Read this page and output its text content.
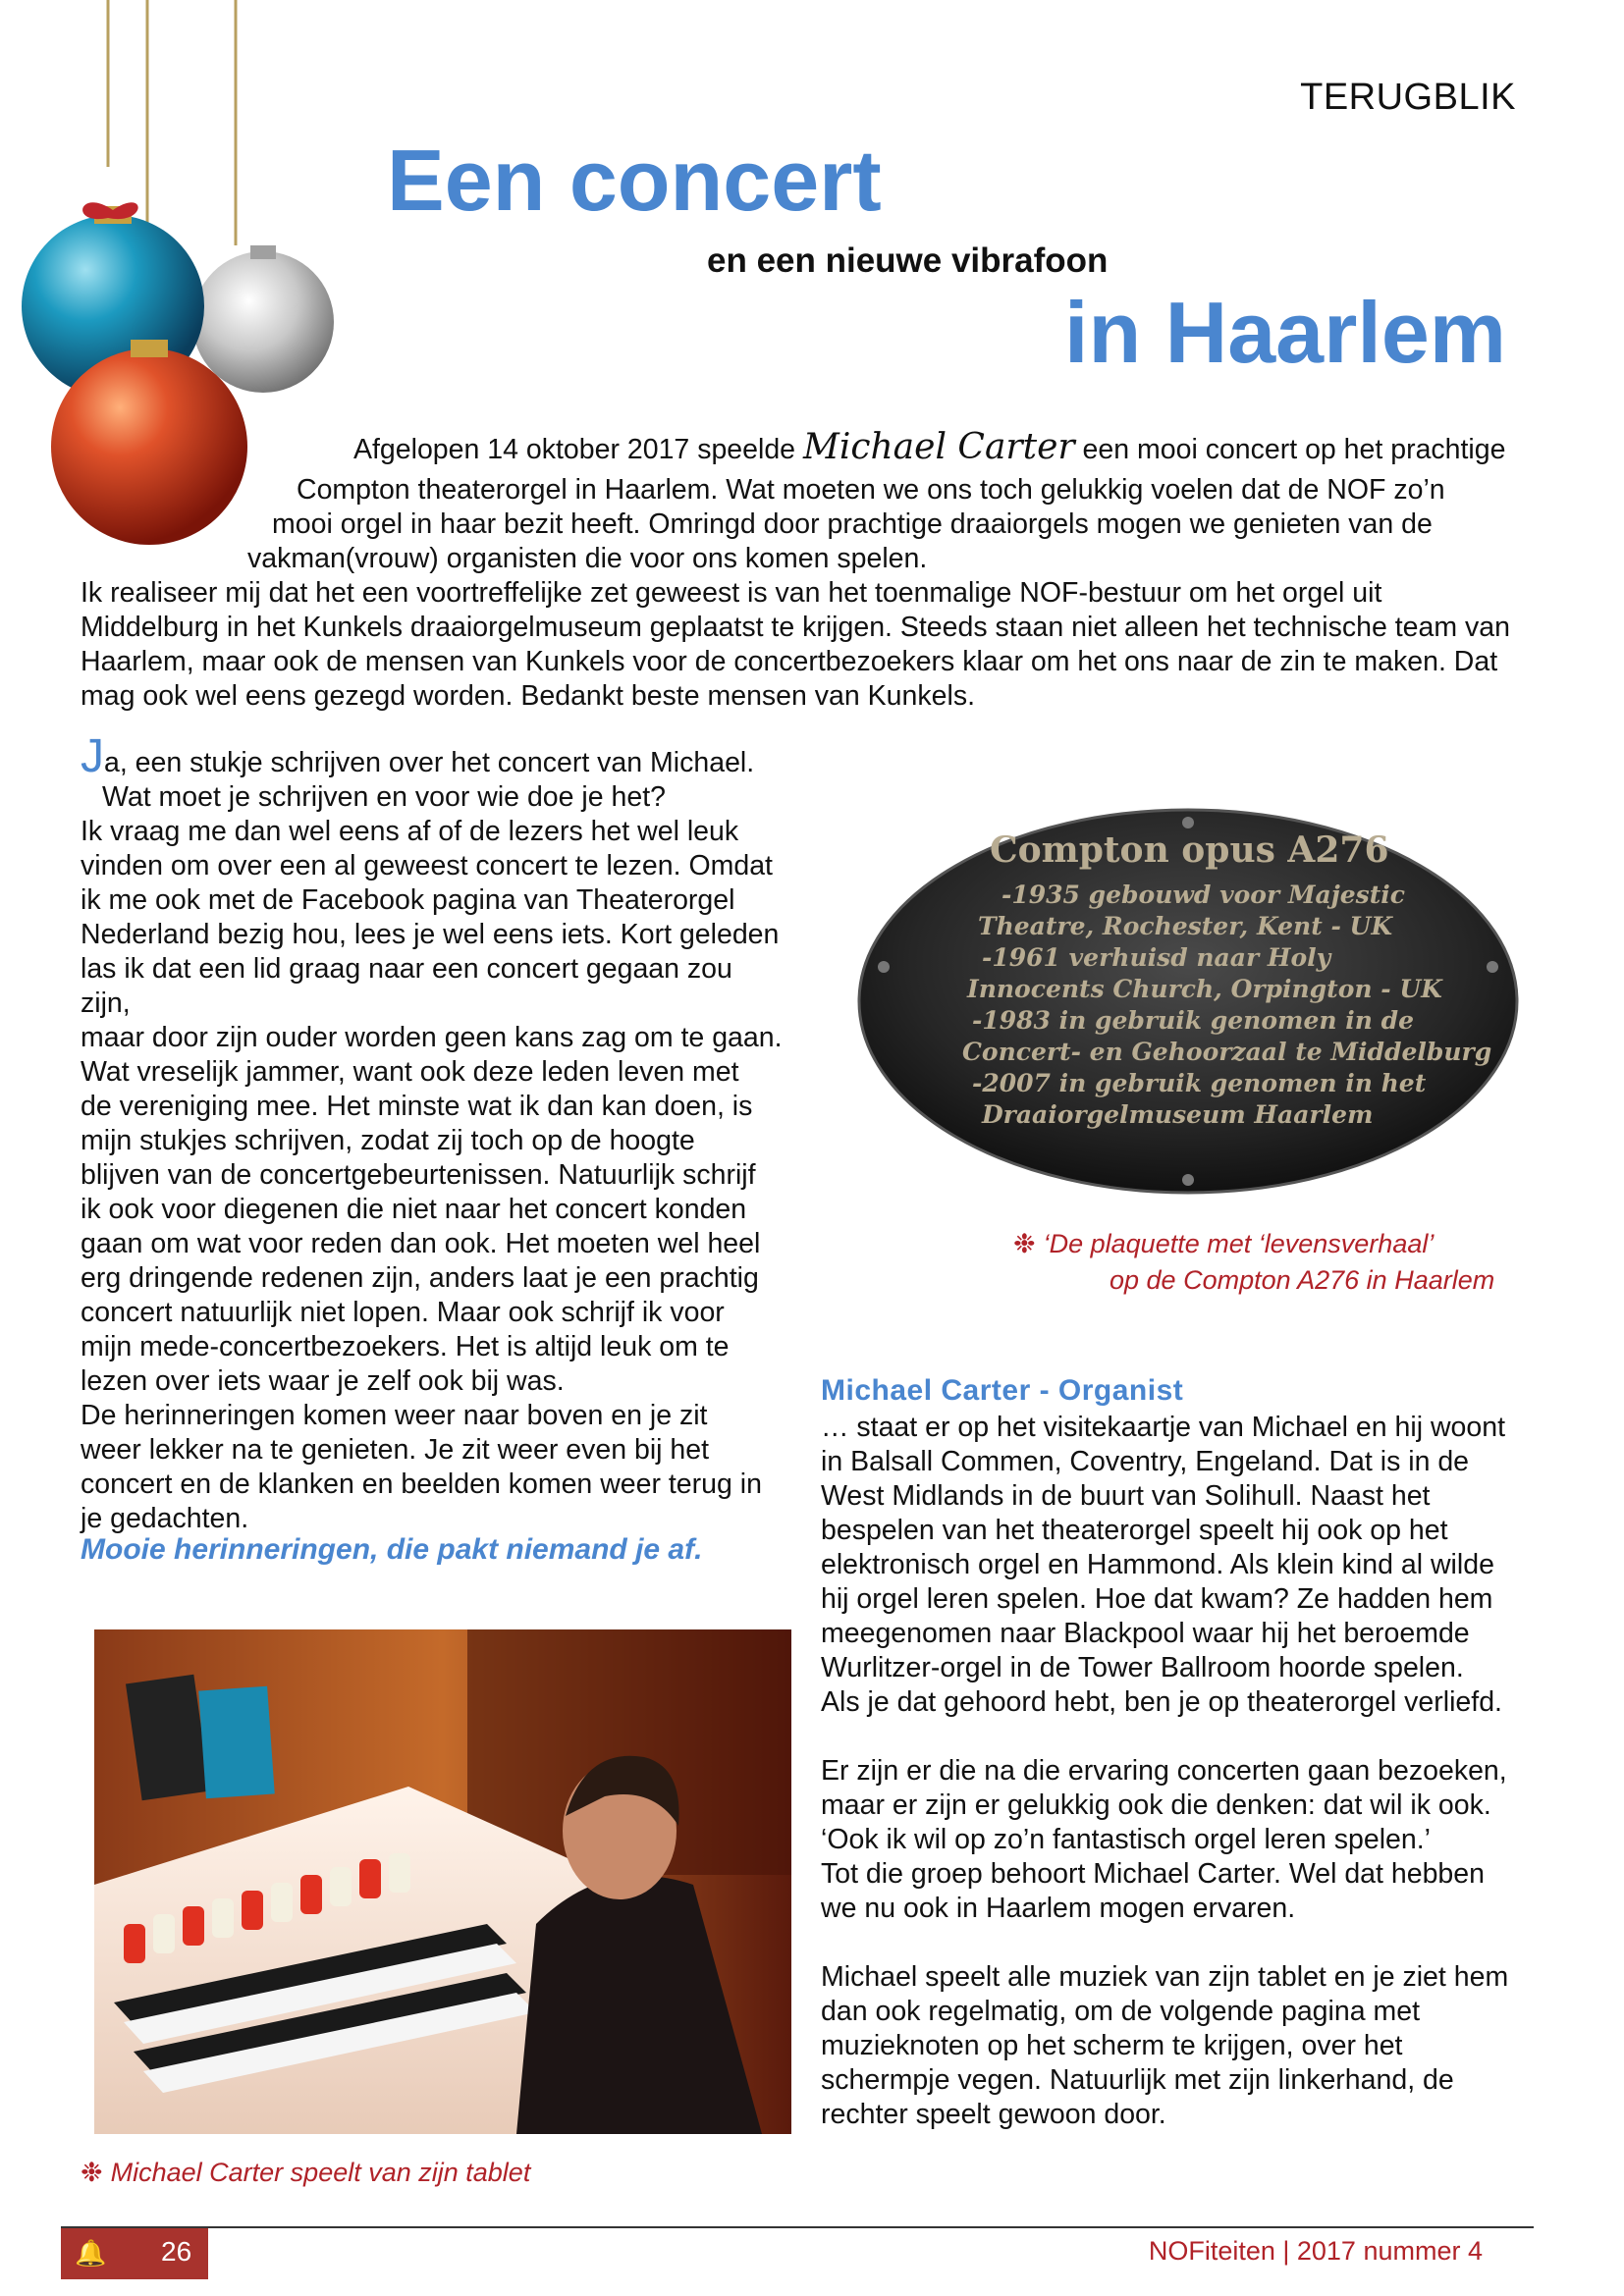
TERUGBLIK
Een concert
en een nieuwe vibrafoon
in Haarlem
Afgelopen 14 oktober 2017 speelde Michael Carter een mooi concert op het prachtige
Compton theaterorgel in Haarlem. Wat moeten we ons toch gelukkig voelen dat de NOF zo’n
mooi orgel in haar bezit heeft. Omringd door prachtige draaiorgels mogen we genieten van de
vakman(vrouw) organisten die voor ons komen spelen.
Ik realiseer mij dat het een voortreffelijke zet geweest is van het toenmalige NOF-bestuur om het orgel uit
Middelburg in het Kunkels draaiorgelmuseum geplaatst te krijgen. Steeds staan niet alleen het technische team van
Haarlem, maar ook de mensen van Kunkels voor de concertbezoekers klaar om het ons naar de zin te maken. Dat
mag ook wel eens gezegd worden. Bedankt beste mensen van Kunkels.

Ja, een stukje schrijven over het concert van Michael.

Wat moet je schrijven en voor wie doe je het?

Ik vraag me dan wel eens af of de lezers het wel leuk

vinden om over een al geweest concert te lezen. Omdat

ik me ook met de Facebook pagina van Theaterorgel

Nederland bezig hou, lees je wel eens iets. Kort geleden

las ik dat een lid graag naar een concert gegaan zou zijn,

maar door zijn ouder worden geen kans zag om te gaan.

Wat vreselijk jammer, want ook deze leden leven met

de vereniging mee. Het minste wat ik dan kan doen, is

mijn stukjes schrijven, zodat zij toch op de hoogte

blijven van de concertgebeurtenissen. Natuurlijk schrijf

ik ook voor diegenen die niet naar het concert konden

gaan om wat voor reden dan ook. Het moeten wel heel

erg dringende redenen zijn, anders laat je een prachtig

concert natuurlijk niet lopen. Maar ook schrijf ik voor

mijn mede-concertbezoekers. Het is altijd leuk om te

lezen over iets waar je zelf ook bij was.

De herinneringen komen weer naar boven en je zit

weer lekker na te genieten. Je zit weer even bij het

concert en de klanken en beelden komen weer terug in

je gedachten.

Mooie herinneringen, die pakt niemand je af.
Compton opus A276
-1935 gebouwd voor Majestic
Theatre, Rochester, Kent - UK
-1961 verhuisd naar Holy
Innocents Church, Orpington - UK
-1983 in gebruik genomen in de
Concert- en Gehoorzaal te Middelburg
-2007 in gebruik genomen in het
Draaiorgelmuseum Haarlem
❉ ‘De plaquette met ‘levensverhaal’
op de Compton A276 in Haarlem
Michael Carter - Organist

… staat er op het visitekaartje van Michael en hij woont

in Balsall Commen, Coventry, Engeland. Dat is in de

West Midlands in de buurt van Solihull. Naast het

bespelen van het theaterorgel speelt hij ook op het

elektronisch orgel en Hammond. Als klein kind al wilde

hij orgel leren spelen. Hoe dat kwam? Ze hadden hem

meegenomen naar Blackpool waar hij het beroemde

Wurlitzer-orgel in de Tower Ballroom hoorde spelen.

Als je dat gehoord hebt, ben je op theaterorgel verliefd.

Er zijn er die na die ervaring concerten gaan bezoeken,

maar er zijn er gelukkig ook die denken: dat wil ik ook.

‘Ook ik wil op zo’n fantastisch orgel leren spelen.’

Tot die groep behoort Michael Carter. Wel dat hebben

we nu ook in Haarlem mogen ervaren.

Michael speelt alle muziek van zijn tablet en je ziet hem

dan ook regelmatig, om de volgende pagina met

muzieknoten op het scherm te krijgen, over het

schermpje vegen. Natuurlijk met zijn linkerhand, de

rechter speelt gewoon door.

❉ Michael Carter speelt van zijn tablet
🔔 26	NOFiteiten | 2017 nummer 4
